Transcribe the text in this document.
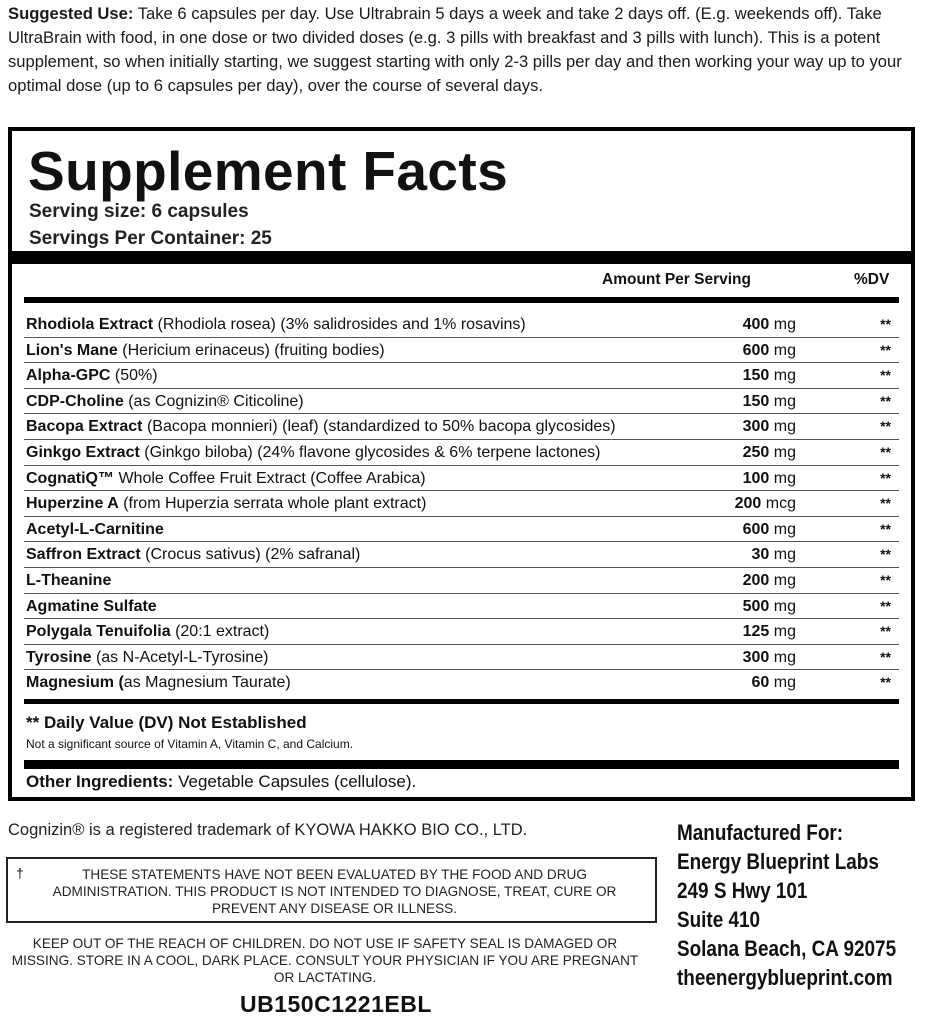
Suggested Use: Take 6 capsules per day. Use Ultrabrain 5 days a week and take 2 days off. (E.g. weekends off). Take UltraBrain with food, in one dose or two divided doses (e.g. 3 pills with breakfast and 3 pills with lunch). This is a potent supplement, so when initially starting, we suggest starting with only 2-3 pills per day and then working your way up to your optimal dose (up to 6 capsules per day), over the course of several days.
Supplement Facts
Serving size: 6 capsules
Servings Per Container: 25
Amount Per Serving	%DV
Rhodiola Extract (Rhodiola rosea) (3% salidrosides and 1% rosavins)	400 mg	**
Lion's Mane (Hericium erinaceus) (fruiting bodies)	600 mg	**
Alpha-GPC (50%)	150 mg	**
CDP-Choline (as Cognizin® Citicoline)	150 mg	**
Bacopa Extract (Bacopa monnieri) (leaf) (standardized to 50% bacopa glycosides)	300 mg	**
Ginkgo Extract (Ginkgo biloba) (24% flavone glycosides & 6% terpene lactones)	250 mg	**
CognatiQ™ Whole Coffee Fruit Extract (Coffee Arabica)	100 mg	**
Huperzine A (from Huperzia serrata whole plant extract)	200 mcg	**
Acetyl-L-Carnitine	600 mg	**
Saffron Extract (Crocus sativus) (2% safranal)	30 mg	**
L-Theanine	200 mg	**
Agmatine Sulfate	500 mg	**
Polygala Tenuifolia (20:1 extract)	125 mg	**
Tyrosine (as N-Acetyl-L-Tyrosine)	300 mg	**
Magnesium (as Magnesium Taurate)	60 mg	**
** Daily Value (DV) Not Established
Not a significant source of Vitamin A, Vitamin C, and Calcium.
Other Ingredients: Vegetable Capsules (cellulose).
Cognizin® is a registered trademark of KYOWA HAKKO BIO CO., LTD.
†	THESE STATEMENTS HAVE NOT BEEN EVALUATED BY THE FOOD AND DRUG ADMINISTRATION. THIS PRODUCT IS NOT INTENDED TO DIAGNOSE, TREAT, CURE OR PREVENT ANY DISEASE OR ILLNESS.
KEEP OUT OF THE REACH OF CHILDREN. DO NOT USE IF SAFETY SEAL IS DAMAGED OR MISSING. STORE IN A COOL, DARK PLACE. CONSULT YOUR PHYSICIAN IF YOU ARE PREGNANT OR LACTATING.
UB150C1221EBL
Manufactured For:
Energy Blueprint Labs
249 S Hwy 101
Suite 410
Solana Beach, CA 92075
theenergyblueprint.com
